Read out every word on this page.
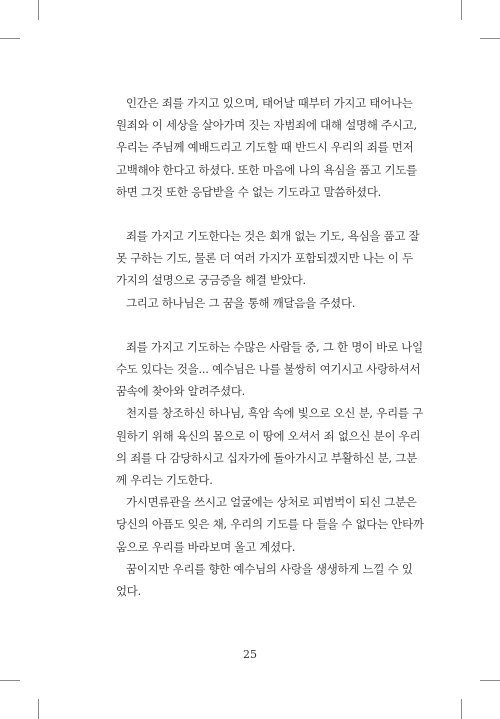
인간은 죄를 가지고 있으며, 태어날 때부터 가지고 태어나는
원죄와 이 세상을 살아가며 짓는 자범죄에 대해 설명해 주시고,
우리는 주님께 예배드리고 기도할 때 반드시 우리의 죄를 먼저
고백해야 한다고 하셨다. 또한 마음에 나의 욕심을 품고 기도를
하면 그것 또한 응답받을 수 없는 기도라고 말씀하셨다.
죄를 가지고 기도한다는 것은 회개 없는 기도, 욕심을 품고 잘
못 구하는 기도, 물론 더 여러 가지가 포함되겠지만 나는 이 두
가지의 설명으로 궁금증을 해결 받았다.
그리고 하나님은 그 꿈을 통해 깨달음을 주셨다.
죄를 가지고 기도하는 수많은 사람들 중, 그 한 명이 바로 나일
수도 있다는 것을... 예수님은 나를 불쌍히 여기시고 사랑하셔서
꿈속에 찾아와 알려주셨다.
천지를 창조하신 하나님, 흑암 속에 빛으로 오신 분, 우리를 구
원하기 위해 육신의 몸으로 이 땅에 오셔서 죄 없으신 분이 우리
의 죄를 다 감당하시고 십자가에 돌아가시고 부활하신 분, 그분
께 우리는 기도한다.
가시면류관을 쓰시고 얼굴에는 상처로 피범벅이 되신 그분은
당신의 아픔도 잊은 채, 우리의 기도를 다 들을 수 없다는 안타까
움으로 우리를 바라보며 울고 계셨다.
꿈이지만 우리를 향한 예수님의 사랑을 생생하게 느낄 수 있
었다.
25
